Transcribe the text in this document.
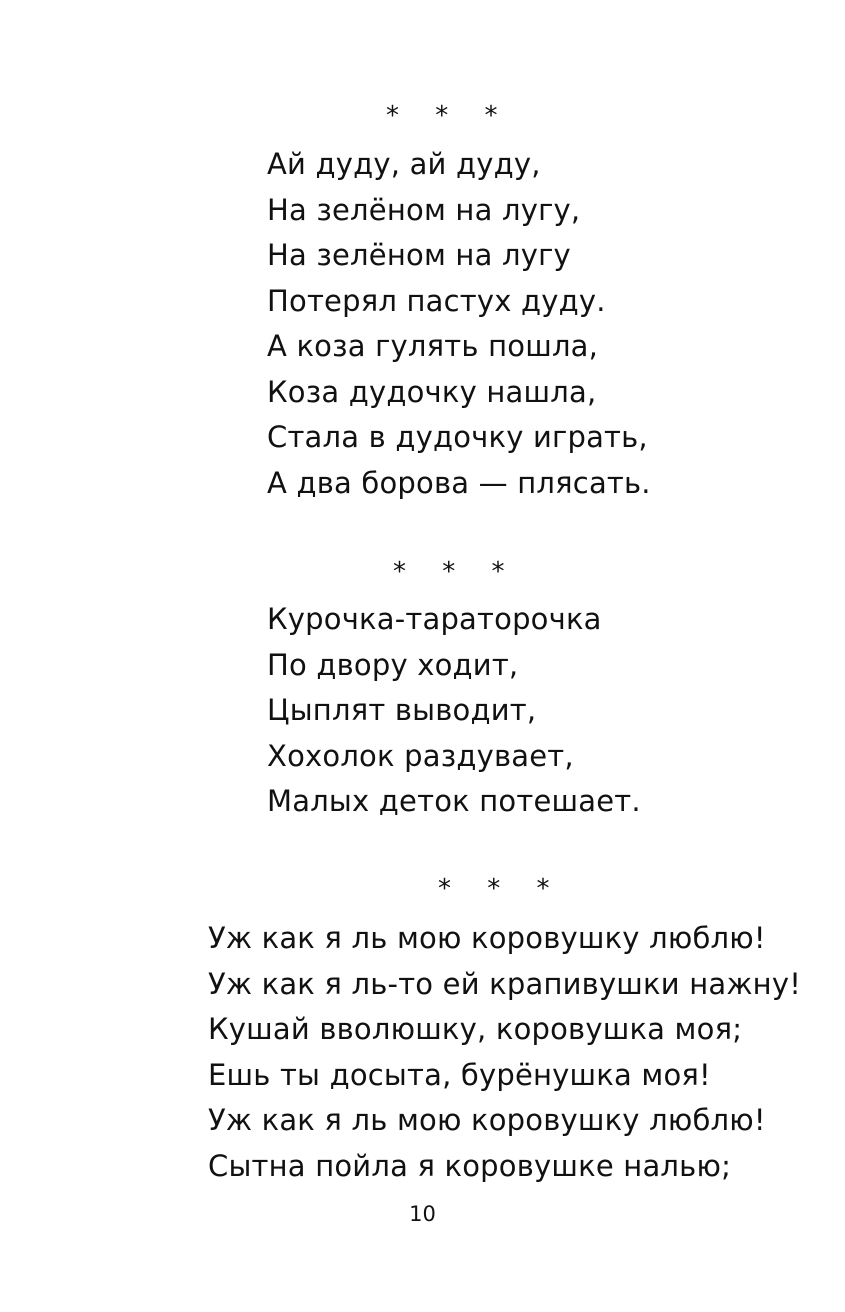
* * *
Ай дуду, ай дуду,
На зелёном на лугу,
На зелёном на лугу
Потерял пастух дуду.
А коза гулять пошла,
Коза дудочку нашла,
Стала в дудочку играть,
А два борова — плясать.
* * *
Курочка-тараторочка
По двору ходит,
Цыплят выводит,
Хохолок раздувает,
Малых деток потешает.
* * *
Уж как я ль мою коровушку люблю!
Уж как я ль-то ей крапивушки нажну!
Кушай вволюшку, коровушка моя;
Ешь ты досыта, бурёнушка моя!
Уж как я ль мою коровушку люблю!
Сытна пойла я коровушке налью;
10
